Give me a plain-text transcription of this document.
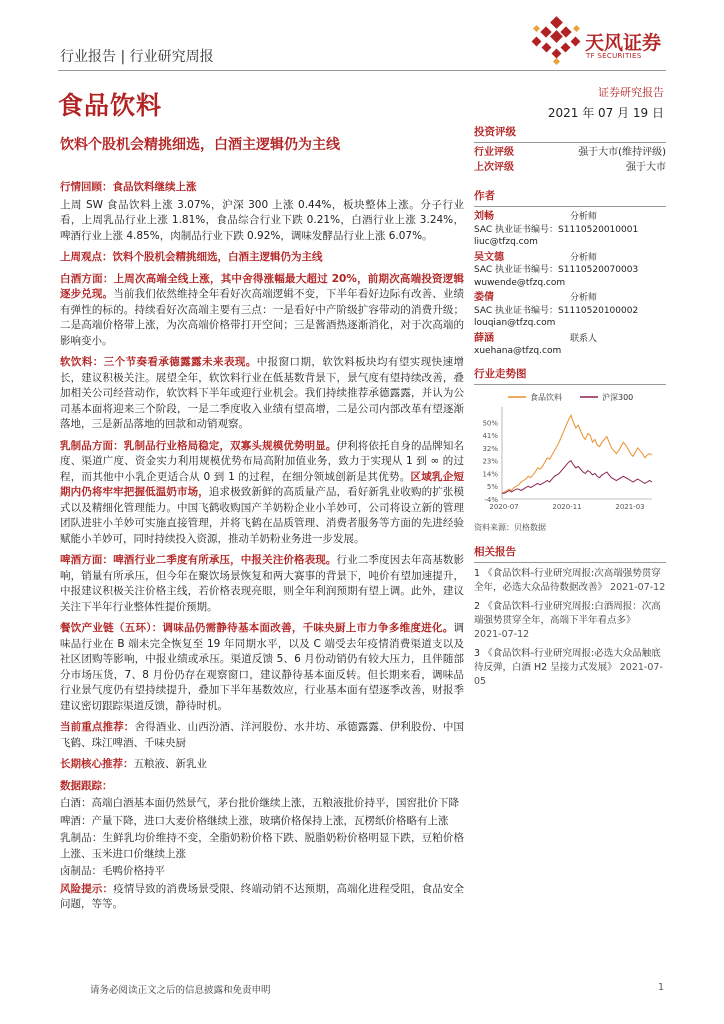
行业报告 | 行业研究周报
食品饮料
天风证券
TF SECURITIES
证券研究报告
2021 年 07 月 19 日
饮料个股机会精挑细选，白酒主逻辑仍为主线

行情回顾：食品饮料继续上涨

上周 SW 食品饮料上涨 3.07%，沪深 300 上涨 0.44%，板块整体上涨。分子行业看，上周乳品行业上涨 1.81%，食品综合行业下跌 0.21%，白酒行业上涨 3.24%，啤酒行业上涨 4.85%，肉制品行业下跌 0.92%，调味发酵品行业上涨 6.07%。

上周观点：饮料个股机会精挑细选，白酒主逻辑仍为主线

白酒方面：上周次高端全线上涨，其中舍得涨幅最大超过 20%，前期次高端投资逻辑逐步兑现。当前我们依然维持全年看好次高端逻辑不变，下半年看好边际有改善、业绩有弹性的标的。持续看好次高端主要有三点：一是看好中产阶级扩容带动的消费升级；二是高端价格带上涨，为次高端价格带打开空间；三是酱酒热逐渐消化，对于次高端的影响变小。

软饮料：三个节奏看承德露露未来表现。中报窗口期，软饮料板块均有望实现快速增长，建议积极关注。展望全年，软饮料行业在低基数背景下，景气度有望持续改善，叠加相关公司经营动作，软饮料下半年或迎行业机会。我们持续推荐承德露露，并认为公司基本面将迎来三个阶段，一是二季度收入业绩有望高增，二是公司内部改革有望逐渐落地，三是新品落地的回款和动销观察。

乳制品方面：乳制品行业格局稳定，双寡头规模优势明显。伊利将依托自身的品牌知名度、渠道广度、资金实力利用规模优势布局高附加值业务，致力于实现从 1 到 ∞ 的过程，而其他中小乳企更适合从 0 到 1 的过程，在细分领域创新是其优势。区域乳企短期内仍将牢牢把握低温奶市场，追求极致新鲜的高质量产品，看好新乳业收购的扩张模式以及精细化管理能力。中国飞鹤收购国产羊奶粉企业小羊妙可，公司将设立新的管理团队进驻小羊妙可实施直接管理，并将飞鹤在品质管理、消费者服务等方面的先进经验赋能小羊妙可，同时持续投入资源，推动羊奶粉业务进一步发展。

啤酒方面：啤酒行业二季度有所承压，中报关注价格表现。行业二季度因去年高基数影响，销量有所承压，但今年在聚饮场景恢复和两大赛事的背景下，吨价有望加速提升，中报建议积极关注价格主线，若价格表现亮眼，则全年利润预期有望上调。此外，建议关注下半年行业整体性提价预期。

餐饮产业链（五环）：调味品仍需静待基本面改善，千味央厨上市力争多维度进化。调味品行业在 B 端未完全恢复至 19 年同期水平，以及 C 端受去年疫情消费渠道支以及社区团购等影响，中报业绩或承压。渠道反馈 5、6 月份动销仍有较大压力，且伴随部分市场压货，7、8 月份仍存在观察窗口，建议静待基本面反转。但长期来看，调味品行业景气度仍有望持续提升，叠加下半年基数效应，行业基本面有望逐季改善，财报季建议密切跟踪渠道反馈，静待时机。

当前重点推荐：舍得酒业、山西汾酒、洋河股份、水井坊、承德露露、伊利股份、中国飞鹤、珠江啤酒、千味央厨

长期核心推荐：五粮液、新乳业

数据跟踪：

白酒：高端白酒基本面仍然景气，茅台批价继续上涨，五粮液批价持平，国窖批价下降

啤酒：产量下降，进口大麦价格继续上涨，玻璃价格保持上涨，瓦楞纸价格略有上涨

乳制品：生鲜乳均价维持不变，全脂奶粉价格下跌、脱脂奶粉价格明显下跌，豆粕价格上涨、玉米进口价继续上涨

卤制品：毛鸭价格持平

风险提示：疫情导致的消费场景受限、终端动销不达预期，高端化进程受阻，食品安全问题，等等。

投资评级
行业评级	强于大市(维持评级)
上次评级	强于大市
作者
刘畅	分析师
SAC 执业证书编号：S1110520010001
liuc@tfzq.com
吴文德	分析师
SAC 执业证书编号：S1110520070003
wuwende@tfzq.com
娄倩	分析师
SAC 执业证书编号：S1110520100002
louqian@tfzq.com
薛涵	联系人
xuehana@tfzq.com
行业走势图
食品饮料	沪深300
-4%
5%
14%
23%
32%
41%
50%
2020-07	2020-11	2021-03
资料来源：贝格数据
相关报告
1 《食品饮料-行业研究周报:次高端强势贯穿全年，必选大众品待数据改善》 2021-07-12
2 《食品饮料-行业研究周报:白酒周报：次高端强势贯穿全年，高端下半年看点多》 2021-07-12
3 《食品饮料-行业研究周报:必选大众品触底待反弹，白酒 H2 呈接力式发展》 2021-07-05
请务必阅读正文之后的信息披露和免责申明	1
